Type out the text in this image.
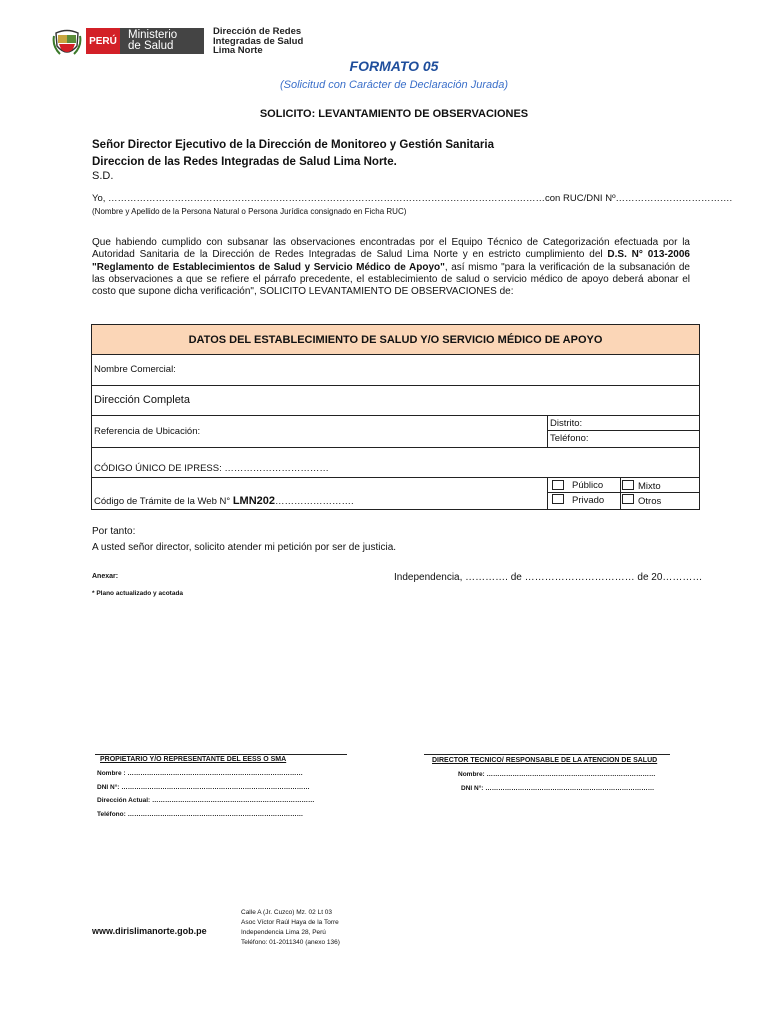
PERÚ Ministerio
de Salud
Dirección de Redes
Integradas de Salud
Lima Norte
FORMATO 05
(Solicitud con Carácter de Declaración Jurada)
SOLICITO: LEVANTAMIENTO DE OBSERVACIONES
Señor Director Ejecutivo de la Dirección de Monitoreo y Gestión Sanitaria
Direccion de las Redes Integradas de Salud Lima Norte.
S.D.
Yo, …………………………………………………………………………………………………………………………con RUC/DNI Nº……………………………….
(Nombre y Apellido de la Persona Natural o Persona Jurídica consignado en Ficha RUC)
Que habiendo cumplido con subsanar las observaciones encontradas por el Equipo Técnico de Categorización efectuada por la Autoridad Sanitaria de la Dirección de Redes Integradas de Salud Lima Norte y en estricto cumplimiento del D.S. N° 013-2006 "Reglamento de Establecimientos de Salud y Servicio Médico de Apoyo", así mismo "para la verificación de la subsanación de las observaciones a que se refiere el párrafo precedente, el establecimiento de salud o servicio médico de apoyo deberá abonar el costo que supone dicha verificación", SOLICITO LEVANTAMIENTO DE OBSERVACIONES de:
DATOS DEL ESTABLECIMIENTO DE SALUD Y/O SERVICIO MÉDICO DE APOYO
Nombre Comercial:
Dirección Completa
Referencia de Ubicación:
Distrito:
Teléfono:
CÓDIGO ÚNICO DE IPRESS: ……………………………
Código de Trámite de la Web N° LMN202…………………….
Público
Privado
Mixto
Otros
Por tanto:
A usted señor director, solicito atender mi petición por ser de justicia.
Anexar:	Independencia, …………. de …………………………… de 20…………
* Plano actualizado y acotada
PROPIETARIO Y/O REPRESENTANTE DEL EESS O SMA
Nombre : ………………………………………………………………………
DNI N°: ……………………………………………………………………………
Dirección Actual: …………………………………………………………………
Teléfono: ………………………………………………………………………
DIRECTOR TECNICO/ RESPONSABLE DE LA ATENCION DE SALUD
Nombre: ……………………………………………………………………
DNI N°: ……………………………………………………………………
www.dirislimanorte.gob.pe
Calle A (Jr. Cuzco) Mz. 02 Lt 03
Asoc Víctor Raúl Haya de la Torre
Independencia Lima 28, Perú
Teléfono: 01-2011340 (anexo 136)
